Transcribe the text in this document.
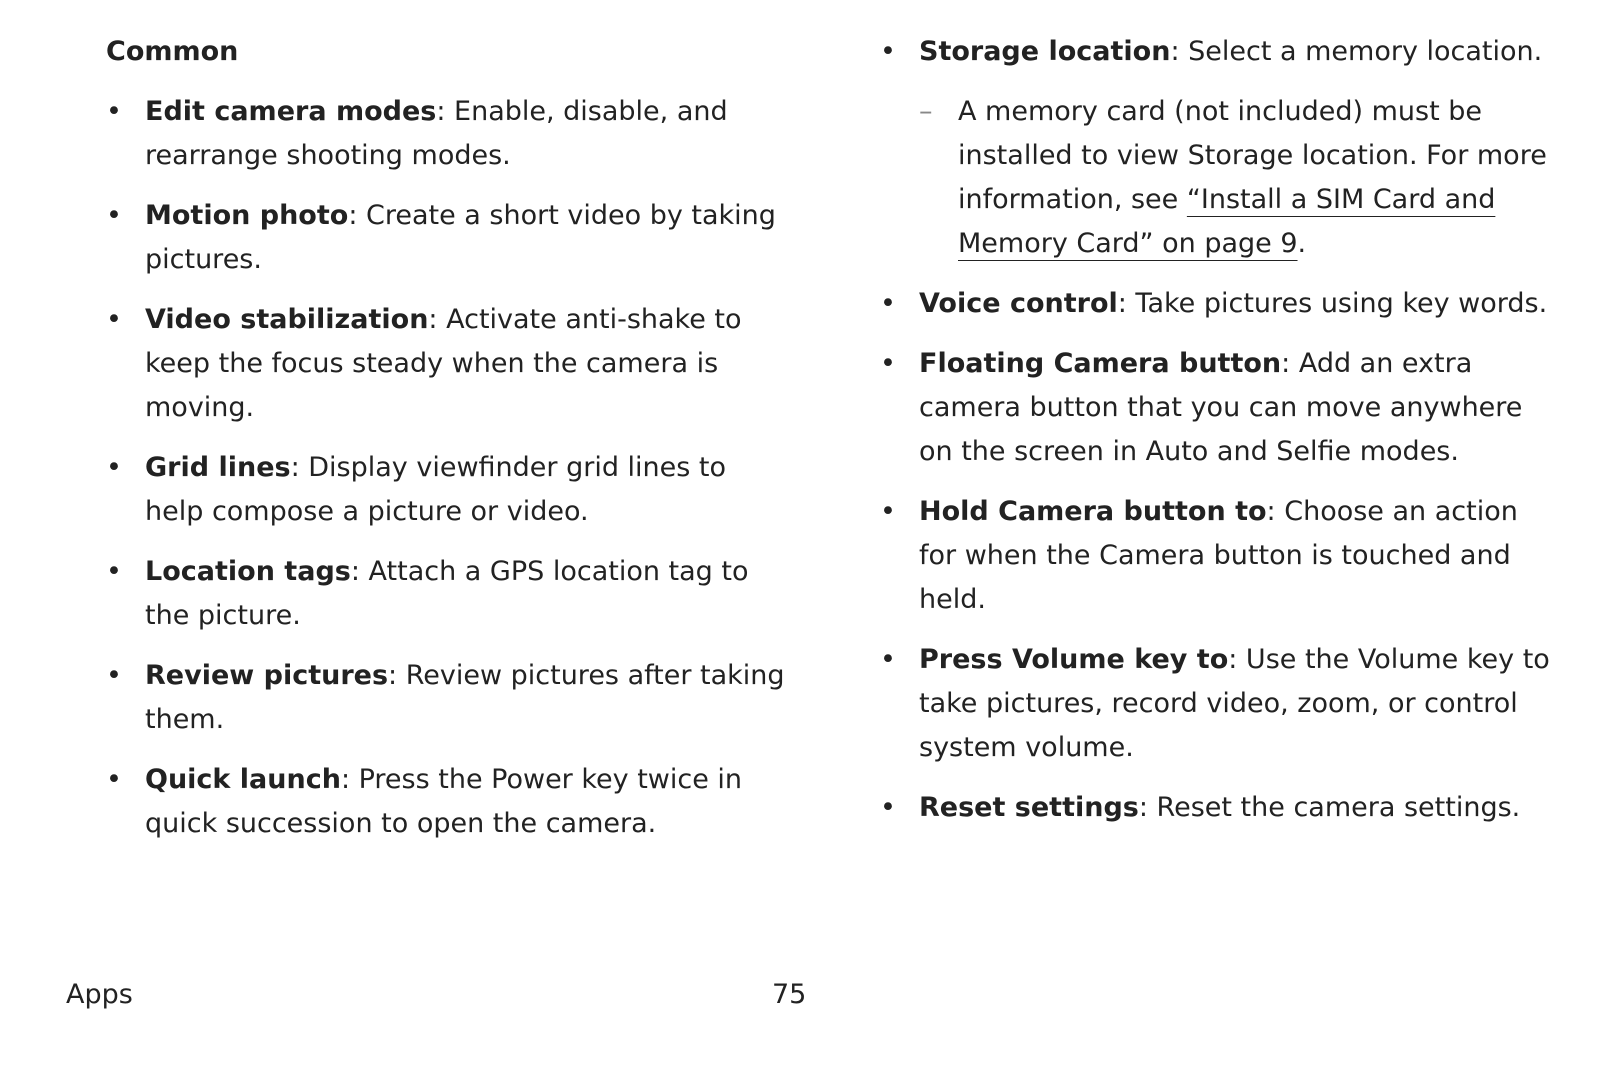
Common
• Edit camera modes: Enable, disable, and rearrange shooting modes.
• Motion photo: Create a short video by taking pictures.
• Video stabilization: Activate anti-shake to keep the focus steady when the camera is moving.
• Grid lines: Display viewfinder grid lines to help compose a picture or video.
• Location tags: Attach a GPS location tag to the picture.
• Review pictures: Review pictures after taking them.
• Quick launch: Press the Power key twice in quick succession to open the camera.
• Storage location: Select a memory location.
– A memory card (not included) must be installed to view Storage location. For more information, see “Install a SIM Card and Memory Card” on page 9.
• Voice control: Take pictures using key words.
• Floating Camera button: Add an extra camera button that you can move anywhere on the screen in Auto and Selfie modes.
• Hold Camera button to: Choose an action for when the Camera button is touched and held.
• Press Volume key to: Use the Volume key to take pictures, record video, zoom, or control system volume.
• Reset settings: Reset the camera settings.
Apps	75
